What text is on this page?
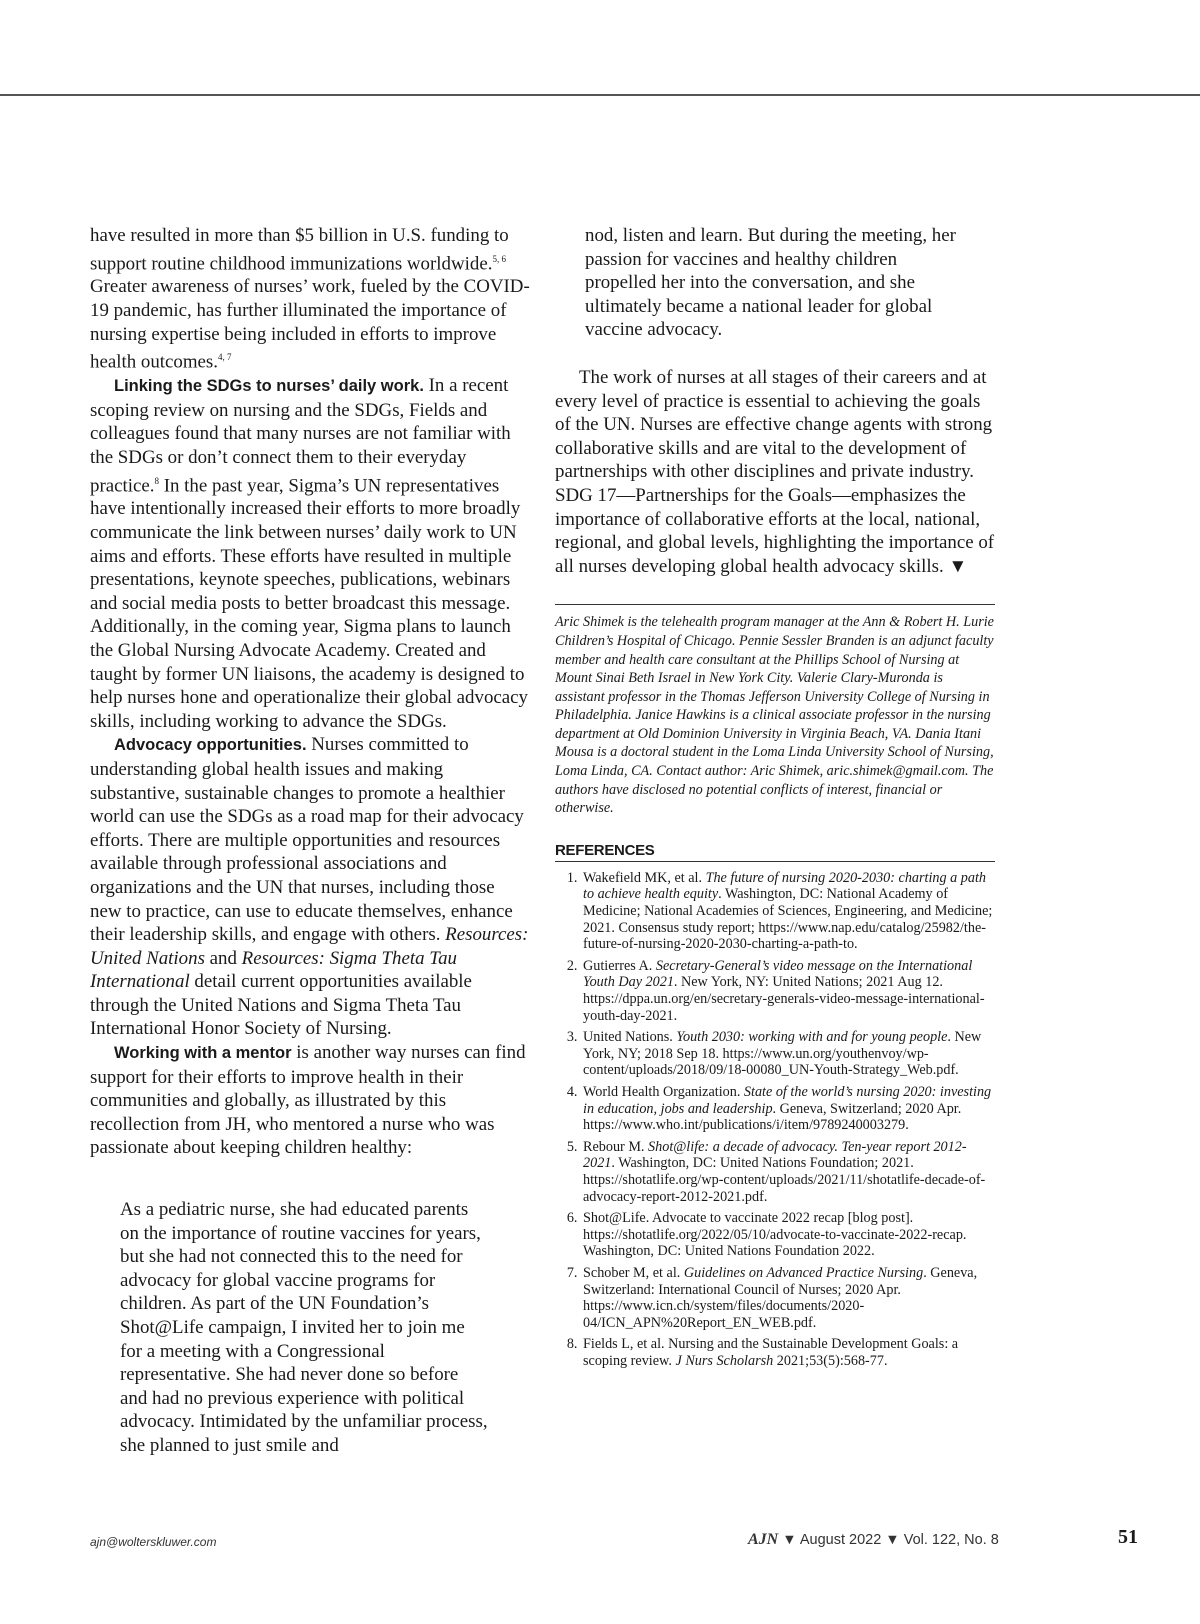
have resulted in more than $5 billion in U.S. funding to support routine childhood immunizations worldwide.$^{5, 6}$ Greater awareness of nurses’ work, fueled by the COVID-19 pandemic, has further illuminated the importance of nursing expertise being included in efforts to improve health outcomes.$^{4, 7}$

Linking the SDGs to nurses’ daily work. In a recent scoping review on nursing and the SDGs, Fields and colleagues found that many nurses are not familiar with the SDGs or don’t connect them to their everyday practice.$^8$ In the past year, Sigma’s UN representatives have intentionally increased their efforts to more broadly communicate the link between nurses’ daily work to UN aims and efforts. These efforts have resulted in multiple presentations, keynote speeches, publications, webinars and social media posts to better broadcast this message. Additionally, in the coming year, Sigma plans to launch the Global Nursing Advocate Academy. Created and taught by former UN liaisons, the academy is designed to help nurses hone and operationalize their global advocacy skills, including working to advance the SDGs.

Advocacy opportunities. Nurses committed to understanding global health issues and making substantive, sustainable changes to promote a healthier world can use the SDGs as a road map for their advocacy efforts. There are multiple opportunities and resources available through professional associations and organizations and the UN that nurses, including those new to practice, can use to educate themselves, enhance their leadership skills, and engage with others. Resources: United Nations and Resources: Sigma Theta Tau International detail current opportunities available through the United Nations and Sigma Theta Tau International Honor Society of Nursing.

Working with a mentor is another way nurses can find support for their efforts to improve health in their communities and globally, as illustrated by this recollection from JH, who mentored a nurse who was passionate about keeping children healthy:

As a pediatric nurse, she had educated parents on the importance of routine vaccines for years, but she had not connected this to the need for advocacy for global vaccine programs for children. As part of the UN Foundation’s Shot@Life campaign, I invited her to join me for a meeting with a Congressional representative. She had never done so before and had no previous experience with political advocacy. Intimidated by the unfamiliar process, she planned to just smile and

nod, listen and learn. But during the meeting, her passion for vaccines and healthy children propelled her into the conversation, and she ultimately became a national leader for global vaccine advocacy.

The work of nurses at all stages of their careers and at every level of practice is essential to achieving the goals of the UN. Nurses are effective change agents with strong collaborative skills and are vital to the development of partnerships with other disciplines and private industry. SDG 17—Partnerships for the Goals—emphasizes the importance of collaborative efforts at the local, national, regional, and global levels, highlighting the importance of all nurses developing global health advocacy skills. ▼

Aric Shimek is the telehealth program manager at the Ann & Robert H. Lurie Children’s Hospital of Chicago. Pennie Sessler Branden is an adjunct faculty member and health care consultant at the Phillips School of Nursing at Mount Sinai Beth Israel in New York City. Valerie Clary-Muronda is assistant professor in the Thomas Jefferson University College of Nursing in Philadelphia. Janice Hawkins is a clinical associate professor in the nursing department at Old Dominion University in Virginia Beach, VA. Dania Itani Mousa is a doctoral student in the Loma Linda University School of Nursing, Loma Linda, CA. Contact author: Aric Shimek, aric.shimek@gmail.com. The authors have disclosed no potential conflicts of interest, financial or otherwise.

REFERENCES
1. Wakefield MK, et al. The future of nursing 2020-2030: charting a path to achieve health equity. Washington, DC: National Academy of Medicine; National Academies of Sciences, Engineering, and Medicine; 2021. Consensus study report; https://www.nap.edu/catalog/25982/the-future-of-nursing-2020-2030-charting-a-path-to.
2. Gutierres A. Secretary-General’s video message on the International Youth Day 2021. New York, NY: United Nations; 2021 Aug 12. https://dppa.un.org/en/secretary-generals-video-message-international-youth-day-2021.
3. United Nations. Youth 2030: working with and for young people. New York, NY; 2018 Sep 18. https://www.un.org/youthenvoy/wp-content/uploads/2018/09/18-00080_UN-Youth-Strategy_Web.pdf.
4. World Health Organization. State of the world’s nursing 2020: investing in education, jobs and leadership. Geneva, Switzerland; 2020 Apr. https://www.who.int/publications/i/item/9789240003279.
5. Rebour M. Shot@life: a decade of advocacy. Ten-year report 2012-2021. Washington, DC: United Nations Foundation; 2021. https://shotatlife.org/wp-content/uploads/2021/11/shotatlife-decade-of-advocacy-report-2012-2021.pdf.
6. Shot@Life. Advocate to vaccinate 2022 recap [blog post]. https://shotatlife.org/2022/05/10/advocate-to-vaccinate-2022-recap. Washington, DC: United Nations Foundation 2022.
7. Schober M, et al. Guidelines on Advanced Practice Nursing. Geneva, Switzerland: International Council of Nurses; 2020 Apr. https://www.icn.ch/system/files/documents/2020-04/ICN_APN%20Report_EN_WEB.pdf.
8. Fields L, et al. Nursing and the Sustainable Development Goals: a scoping review. J Nurs Scholarsh 2021;53(5):568-77.
ajn@wolterskluwer.com	AJN ▼ August 2022 ▼ Vol. 122, No. 8	51
